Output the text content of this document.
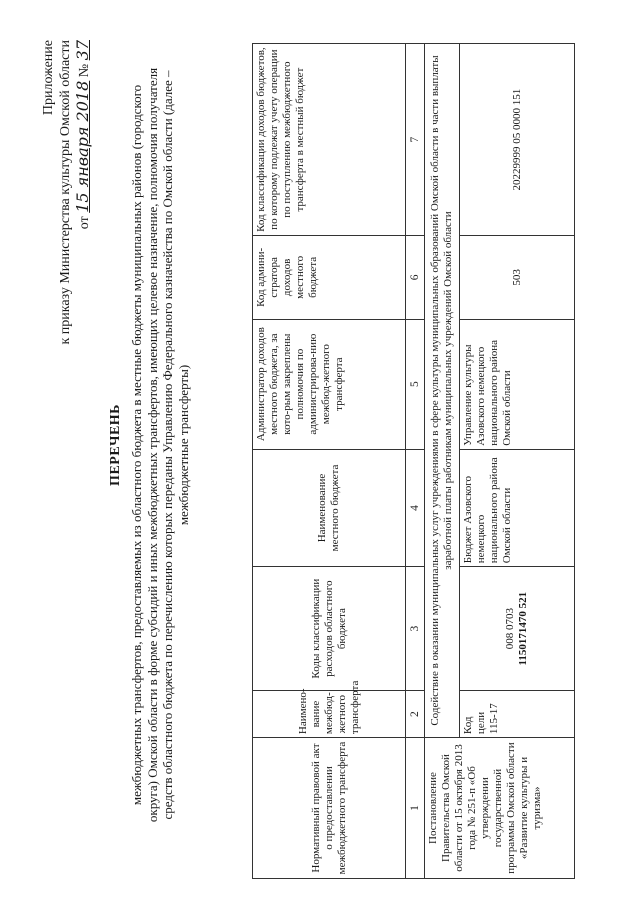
Приложение к приказу Министерства культуры Омской области от 15 января 2018 № 37
ПЕРЕЧЕНЬ межбюджетных трансфертов, предоставляемых из областного бюджета в местные бюджеты муниципальных районов (городского округа) Омской области в форме субсидий и иных межбюджетных трансфертов, имеющих целевое назначение, полномочия получателя средств областного бюджета по перечислению которых переданы Управлению Федерального казначейства по Омской области (далее – межбюджетные трансферты)
Нормативный правовой акт о предоставлении межбюджетного трансферта	Наимено-вание межбюд-жетного трансферта	Коды классификации расходов областного бюджета	Наименование местного бюджета	Администратор доходов местного бюджета, за кото-рым закреплены полномочия по администрирова-нию межбюд-жетного трансферта	Код админи-стратора доходов местного бюджета	Код классификации доходов бюджетов, по которому подлежат учету операции по поступлению межбюджетного трансферта в местный бюджет
1	2	3	4	5	6	7
Постановление Правительства Омской области от 15 октября 2013 года № 251-п «Об утверждении государственной программы Омской области «Развитие культуры и туризма»	Содействие в оказании муниципальных услуг учреждениями в сфере культуры муниципальных образований Омской области в части выплаты заработной платы работникам муниципальных учреждений Омской области					
	Код цели 115-17	008 0703 1150171470 521	Бюджет Азовского немецкого национального района Омской области	Управление культуры Азовского немецкого национального района Омской области	503	20229999 05 0000 151
